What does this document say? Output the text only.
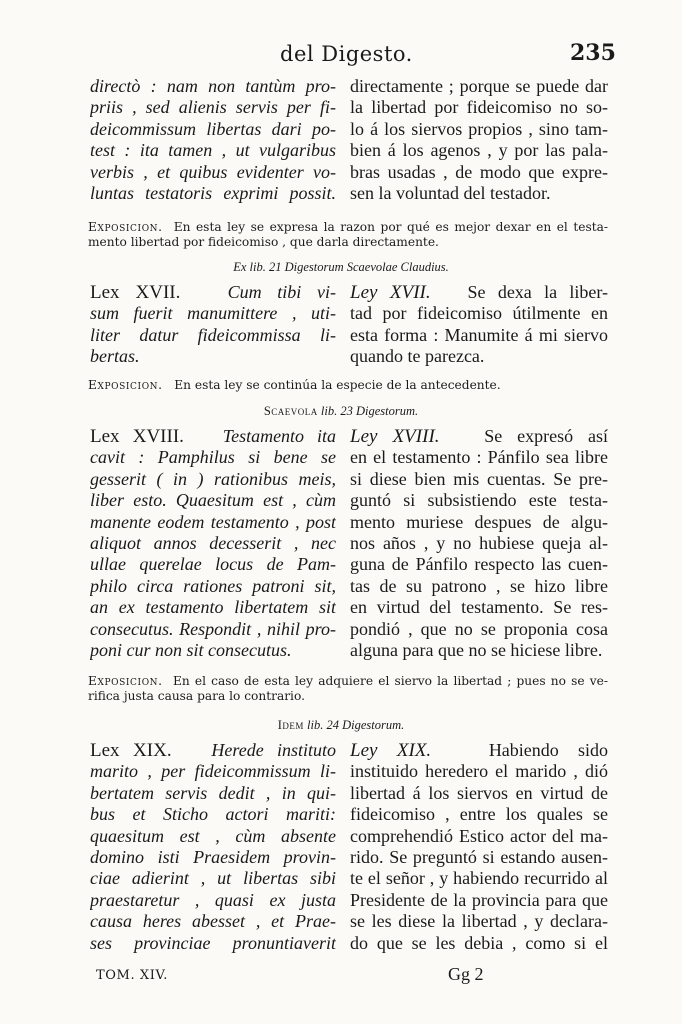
del Digesto.	235
directò : nam non tantùm pro-
priis , sed alienis servis per fi-
deicommissum libertas dari po-
test : ita tamen , ut vulgaribus
verbis , et quibus evidenter vo-
luntas testatoris exprimi possit.
directamente ; porque se puede dar
la libertad por fideicomiso no so-
lo á los siervos propios , sino tam-
bien á los agenos , y por las pala-
bras usadas , de modo que expre-
sen la voluntad del testador.
Exposicion. En esta ley se expresa la razon por qué es mejor dexar en el testa-
mento libertad por fideicomiso , que darla directamente.
Ex lib. 21 Digestorum Scaevolae Claudius.
Lex XVII.	Cum tibi vi-
sum fuerit manumittere , uti-
liter datur fideicommissa li-
bertas.
Ley XVII. Se dexa la liber-
tad por fideicomiso útilmente en
esta forma : Manumite á mi siervo
quando te parezca.
Exposicion. En esta ley se continúa la especie de la antecedente.
Scaevola lib. 23 Digestorum.
Lex XVIII. Testamento ita
cavit : Pamphilus si bene se
gesserit ( in ) rationibus meis,
liber esto. Quaesitum est , cùm
manente eodem testamento , post
aliquot annos decesserit , nec
ullae querelae locus de Pam-
philo circa rationes patroni sit,
an ex testamento libertatem sit
consecutus. Respondit , nihil pro-
poni cur non sit consecutus.
Ley XVIII. Se expresó así
en el testamento : Pánfilo sea libre
si diese bien mis cuentas. Se pre-
guntó si subsistiendo este testa-
mento muriese despues de algu-
nos años , y no hubiese queja al-
guna de Pánfilo respecto las cuen-
tas de su patrono , se hizo libre
en virtud del testamento. Se res-
pondió , que no se proponia cosa
alguna para que no se hiciese libre.
Exposicion. En el caso de esta ley adquiere el siervo la libertad ; pues no se ve-
rifica justa causa para lo contrario.
Idem lib. 24 Digestorum.
Lex XIX. Herede instituto
marito , per fideicommissum li-
bertatem servis dedit , in qui-
bus et Sticho actori mariti:
quaesitum est , cùm absente
domino isti Praesidem provin-
ciae adierint , ut libertas sibi
praestaretur , quasi ex justa
causa heres abesset , et Prae-
ses provinciae pronuntiaverit
Ley XIX.	Habiendo sido
instituido heredero el marido , dió
libertad á los siervos en virtud de
fideicomiso , entre los quales se
comprehendió Estico actor del ma-
rido. Se preguntó si estando ausen-
te el señor , y habiendo recurrido al
Presidente de la provincia para que
se les diese la libertad , y declara-
do que se les debia , como si el
TOM. XIV.	Gg 2
